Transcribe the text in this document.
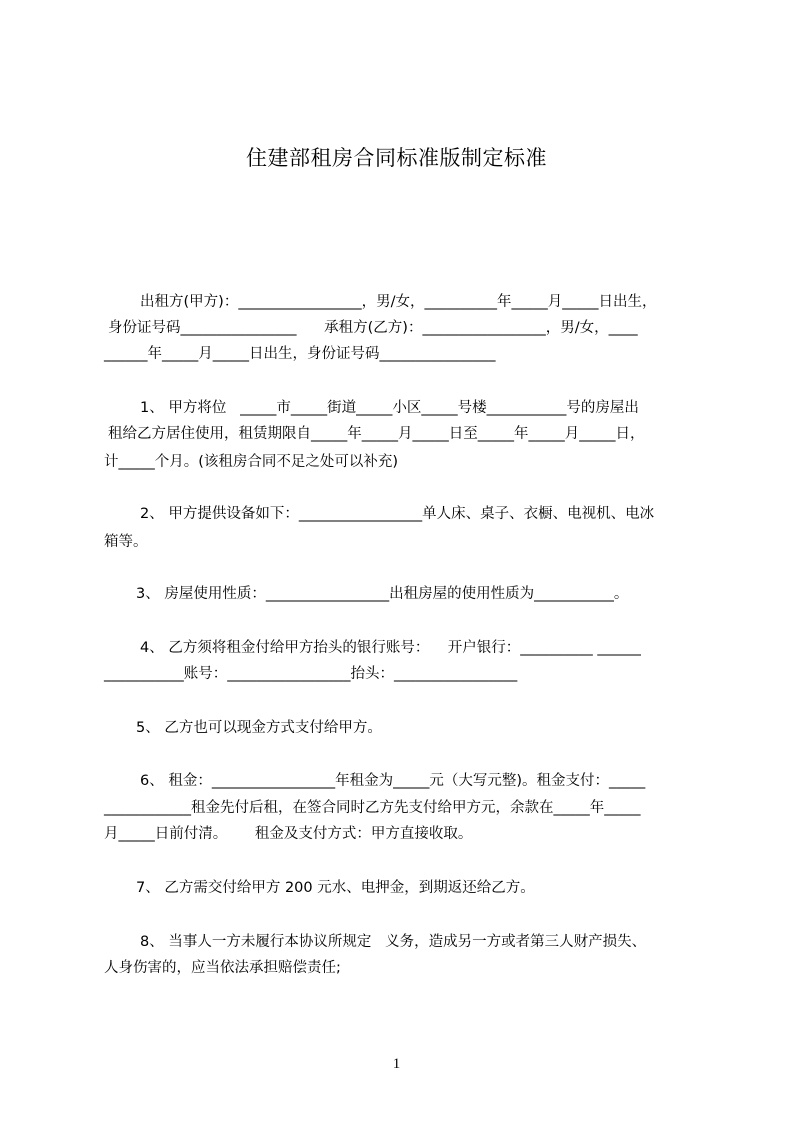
住建部租房合同标准版制定标准
出租方(甲方)：_________________，男/女，__________年_____月_____日出生，
身份证号码________________      承租方(乙方)：_________________，男/女，____
______年_____月_____日出生，身份证号码________________
1、 甲方将位   _____市_____街道_____小区_____号楼___________号的房屋出
租给乙方居住使用，租赁期限自_____年_____月_____日至_____年_____月_____日，
计_____个月。(该租房合同不足之处可以补充)
2、 甲方提供设备如下：_________________单人床、桌子、衣橱、电视机、电冰
箱等。
3、 房屋使用性质：_________________出租房屋的使用性质为___________。
4、 乙方须将租金付给甲方抬头的银行账号：    开户银行：__________ ______
___________账号：_________________抬头：_________________
5、 乙方也可以现金方式支付给甲方。
6、 租金：_________________年租金为_____元（大写元整)。租金支付：_____
____________租金先付后租，在签合同时乙方先支付给甲方元，余款在_____年_____
月_____日前付清。      租金及支付方式：甲方直接收取。
7、 乙方需交付给甲方 200 元水、电押金，到期返还给乙方。
8、 当事人一方未履行本协议所规定   义务，造成另一方或者第三人财产损失、
人身伤害的，应当依法承担赔偿责任;
1
